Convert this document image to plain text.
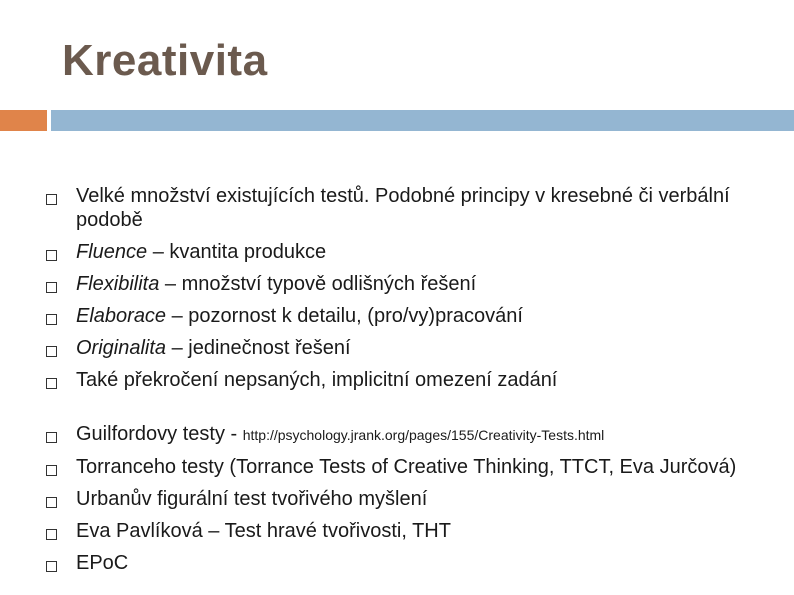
Kreativita
Velké množství existujících testů. Podobné principy v kresebné či verbální podobě
Fluence – kvantita produkce
Flexibilita – množství typově odlišných řešení
Elaborace – pozornost k detailu, (pro/vy)pracování
Originalita – jedinečnost řešení
Také překročení nepsaných, implicitní omezení zadání
Guilfordovy testy - http://psychology.jrank.org/pages/155/Creativity-Tests.html
Torranceho testy (Torrance Tests of Creative Thinking, TTCT, Eva Jurčová)
Urbanův figurální test tvořivého myšlení
Eva Pavlíková – Test hravé tvořivosti, THT
EPoC
